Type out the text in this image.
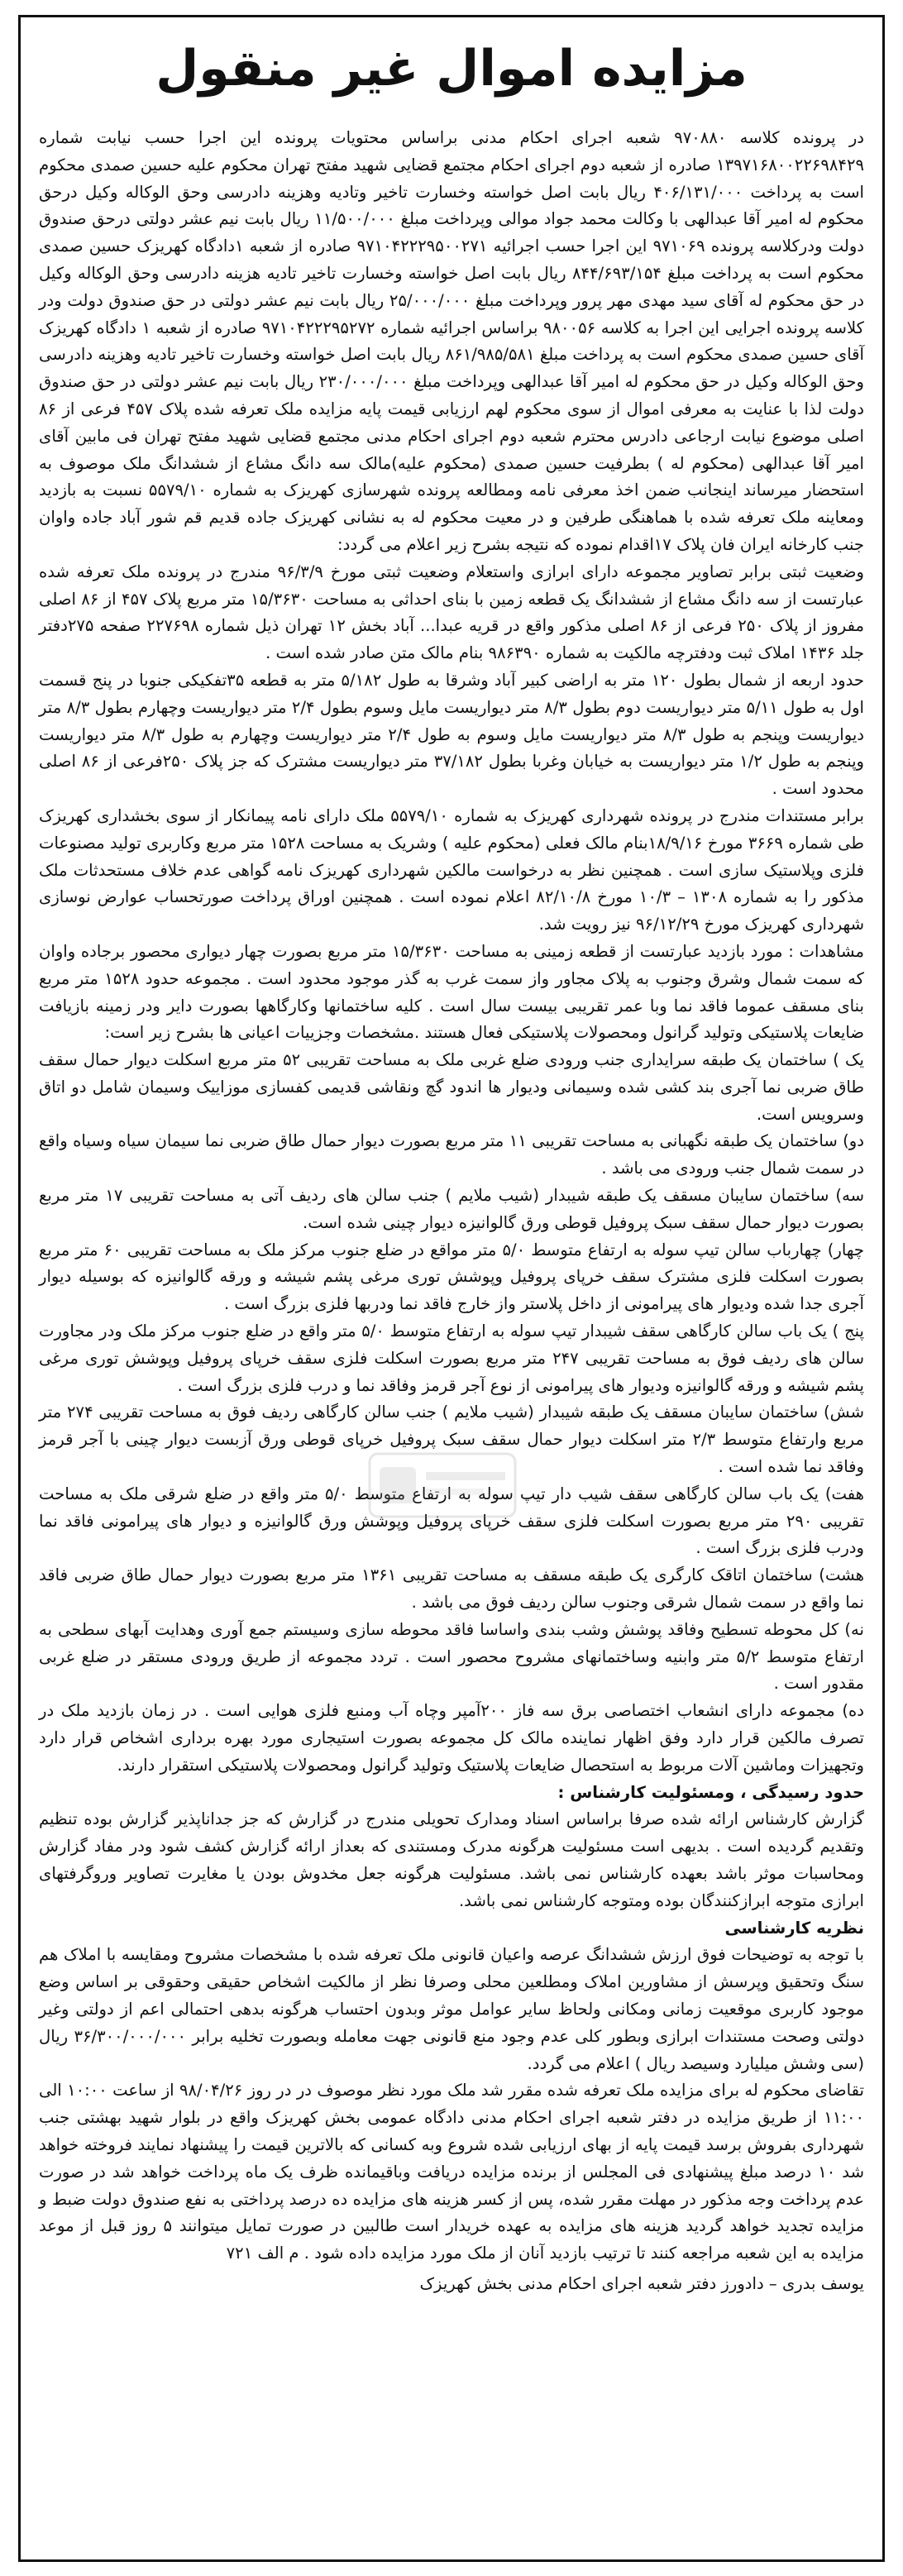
مزایده اموال غیر منقول

در پرونده کلاسه ۹۷۰۸۸۰ شعبه اجرای احکام مدنی براساس محتویات پرونده این اجرا حسب نیابت شماره ۱۳۹۷۱۶۸۰۰۲۲۶۹۸۴۲۹ صادره از شعبه دوم اجرای احکام مجتمع قضایی شهید مفتح تهران محکوم علیه حسین صمدی محکوم است به پرداخت ۴۰۶/۱۳۱/۰۰۰ ریال بابت اصل خواسته وخسارت تاخیر وتادیه وهزینه دادرسی وحق الوکاله وکیل درحق محکوم له امیر آقا عبدالهی با وکالت محمد جواد موالی وپرداخت مبلغ ۱۱/۵۰۰/۰۰۰ ریال بابت نیم عشر دولتی درحق صندوق دولت ودرکلاسه پرونده ۹۷۱۰۶۹ این اجرا حسب اجرائیه ۹۷۱۰۴۲۲۲۹۵۰۰۲۷۱ صادره از شعبه ۱دادگاه کهریزک حسین صمدی محکوم است به پرداخت مبلغ ۸۴۴/۶۹۳/۱۵۴ ریال بابت اصل خواسته وخسارت تاخیر تادیه هزینه دادرسی وحق الوکاله وکیل در حق محکوم له آقای سید مهدی مهر پرور وپرداخت مبلغ ۲۵/۰۰۰/۰۰۰ ریال بابت نیم عشر دولتی در حق صندوق دولت ودر کلاسه پرونده اجرایی این اجرا به کلاسه ۹۸۰۰۵۶ براساس اجرائیه شماره ۹۷۱۰۴۲۲۲۹۵۲۷۲ صادره از شعبه ۱ دادگاه کهریزک آقای حسین صمدی محکوم است به پرداخت مبلغ ۸۶۱/۹۸۵/۵۸۱ ریال بابت اصل خواسته وخسارت تاخیر تادیه وهزینه دادرسی وحق الوکاله وکیل در حق محکوم له امیر آقا عبدالهی وپرداخت مبلغ ۲۳۰/۰۰۰/۰۰۰ ریال بابت نیم عشر دولتی در حق صندوق دولت لذا با عنایت به معرفی اموال از سوی محکوم لهم ارزیابی قیمت پایه مزایده ملک تعرفه شده پلاک ۴۵۷ فرعی از ۸۶ اصلی موضوع نیابت ارجاعی دادرس محترم شعبه دوم اجرای احکام مدنی مجتمع قضایی شهید مفتح تهران فی مابین آقای امیر آقا عبدالهی (محکوم له ) بطرفیت حسین صمدی (محکوم علیه)مالک سه دانگ مشاع از ششدانگ ملک موصوف به استحضار میرساند اینجانب ضمن اخذ معرفی نامه ومطالعه پرونده شهرسازی کهریزک به شماره ۵۵۷۹/۱۰ نسبت به بازدید ومعاینه ملک تعرفه شده با هماهنگی طرفین و در معیت محکوم له به نشانی کهریزک جاده قدیم قم شور آباد جاده واوان جنب کارخانه ایران فان پلاک ۱۷اقدام نموده که نتیجه بشرح زیر اعلام می گردد:

وضعیت ثبتی برابر تصاویر مجموعه دارای ابرازی واستعلام وضعیت ثبتی مورخ ۹۶/۳/۹ مندرج در پرونده ملک تعرفه شده عبارتست از سه دانگ مشاع از ششدانگ یک قطعه زمین با بنای احداثی به مساحت ۱۵/۳۶۳۰ متر مربع پلاک ۴۵۷ از ۸۶ اصلی مفروز از پلاک ۲۵۰ فرعی از ۸۶ اصلی مذکور واقع در قریه عبدا... آباد بخش ۱۲ تهران ذیل شماره ۲۲۷۶۹۸ صفحه ۲۷۵دفتر جلد ۱۴۳۶ املاک ثبت ودفترچه مالکیت به شماره ۹۸۶۳۹۰ بنام مالک متن صادر شده است .

حدود اربعه از شمال بطول ۱۲۰ متر به اراضی کبیر آباد وشرقا به طول ۵/۱۸۲ متر به قطعه ۳۵تفکیکی جنوبا در پنج قسمت اول به طول ۵/۱۱ متر دیواریست دوم بطول ۸/۳ متر دیواریست مایل وسوم بطول ۲/۴ متر دیواریست وچهارم بطول ۸/۳ متر دیواریست وپنجم به طول ۸/۳ متر دیواریست مایل وسوم به طول ۲/۴ متر دیواریست وچهارم به طول ۸/۳ متر دیواریست وپنجم به طول ۱/۲ متر دیواریست به خیابان وغربا بطول ۳۷/۱۸۲ متر دیواریست مشترک که جز پلاک ۲۵۰فرعی از ۸۶ اصلی محدود است .

برابر مستندات مندرج در پرونده شهرداری کهریزک به شماره ۵۵۷۹/۱۰ ملک دارای نامه پیمانکار از سوی بخشداری کهریزک طی شماره ۳۶۶۹ مورخ ۱۸/۹/۱۶بنام مالک فعلی (محکوم علیه ) وشریک به مساحت ۱۵۲۸ متر مربع وکاربری تولید مصنوعات فلزی وپلاستیک سازی است . همچنین نظر به درخواست مالکین شهرداری کهریزک نامه گواهی عدم خلاف مستحدثات ملک مذکور را به شماره ۱۳۰۸ – ۱۰/۳ مورخ ۸۲/۱۰/۸ اعلام نموده است . همچنین اوراق پرداخت صورتحساب عوارض نوسازی شهرداری کهریزک مورخ ۹۶/۱۲/۲۹ نیز رویت شد.

مشاهدات : مورد بازدید عبارتست از قطعه زمینی به مساحت ۱۵/۳۶۳۰ متر مربع بصورت چهار دیواری محصور برجاده واوان که سمت شمال وشرق وجنوب به پلاک مجاور واز سمت غرب به گذر موجود محدود است . مجموعه حدود ۱۵۲۸ متر مربع بنای مسقف عموما فاقد نما وبا عمر تقریبی بیست سال است . کلیه ساختمانها وکارگاهها بصورت دایر ودر زمینه بازیافت ضایعات پلاستیکی وتولید گرانول ومحصولات پلاستیکی فعال هستند .مشخصات وجزییات اعیانی ها بشرح زیر است:

یک ) ساختمان یک طبقه سرایداری جنب ورودی ضلع غربی ملک به مساحت تقریبی ۵۲ متر مربع اسکلت دیوار حمال سقف طاق ضربی نما آجری بند کشی شده وسیمانی ودیوار ها اندود گچ ونقاشی قدیمی کفسازی موزاییک وسیمان شامل دو اتاق وسرویس است.

دو) ساختمان یک طبقه نگهبانی به مساحت تقریبی ۱۱ متر مربع بصورت دیوار حمال طاق ضربی نما سیمان سیاه وسیاه واقع در سمت شمال جنب ورودی می باشد .

سه) ساختمان سایبان مسقف یک طبقه شیبدار (شیب ملایم ) جنب سالن های ردیف آتی به مساحت تقریبی ۱۷ متر مربع بصورت دیوار حمال سقف سبک پروفیل قوطی ورق گالوانیزه دیوار چینی شده است.

چهار) چهارباب سالن تیپ سوله به ارتفاع متوسط ۵/۰ متر مواقع در ضلع جنوب مرکز ملک به مساحت تقریبی ۶۰ متر مربع بصورت اسکلت فلزی مشترک سقف خرپای پروفیل وپوشش توری مرغی پشم شیشه و ورقه گالوانیزه که بوسیله دیوار آجری جدا شده ودیوار های پیرامونی از داخل پلاستر واز خارج فاقد نما ودربها فلزی بزرگ است .

پنج ) یک باب سالن کارگاهی سقف شیبدار تیپ سوله به ارتفاع متوسط ۵/۰ متر واقع در ضلع جنوب مرکز ملک ودر مجاورت سالن های ردیف فوق به مساحت تقریبی ۲۴۷ متر مربع بصورت اسکلت فلزی سقف خرپای پروفیل وپوشش توری مرغی پشم شیشه و ورقه گالوانیزه ودیوار های پیرامونی از نوع آجر قرمز وفاقد نما و درب فلزی بزرگ است .

شش) ساختمان سایبان مسقف یک طبقه شیبدار (شیب ملایم ) جنب سالن کارگاهی ردیف فوق به مساحت تقریبی ۲۷۴ متر مربع وارتفاع متوسط ۲/۳ متر اسکلت دیوار حمال سقف سبک پروفیل خرپای قوطی ورق آزبست دیوار چینی با آجر قرمز وفاقد نما شده است .

هفت) یک باب سالن کارگاهی سقف شیب دار تیپ سوله به ارتفاع متوسط ۵/۰ متر واقع در ضلع شرقی ملک به مساحت تقریبی ۲۹۰ متر مربع بصورت اسکلت فلزی سقف خرپای پروفیل وپوشش ورق گالوانیزه و دیوار های پیرامونی فاقد نما ودرب فلزی بزرگ است .

هشت) ساختمان اتاقک کارگری یک طبقه مسقف به مساحت تقریبی ۱۳۶۱ متر مربع بصورت دیوار حمال طاق ضربی فاقد نما واقع در سمت شمال شرقی وجنوب سالن ردیف فوق می باشد .

نه) کل محوطه تسطیح وفاقد پوشش وشب بندی واساسا فاقد محوطه سازی وسیستم جمع آوری وهدایت آبهای سطحی به ارتفاع متوسط ۵/۲ متر وابنیه وساختمانهای مشروح محصور است . تردد مجموعه از طریق ورودی مستقر در ضلع غربی مقدور است .

ده) مجموعه دارای انشعاب اختصاصی برق سه فاز ۲۰۰آمپر وچاه آب ومنبع فلزی هوایی است . در زمان بازدید ملک در تصرف مالکین قرار دارد وفق اظهار نماینده مالک کل مجموعه بصورت استیجاری مورد بهره برداری اشخاص قرار دارد وتجهیزات وماشین آلات مربوط به استحصال ضایعات پلاستیک وتولید گرانول ومحصولات پلاستیکی استقرار دارند.

حدود رسیدگی ، ومسئولیت کارشناس :

گزارش کارشناس ارائه شده صرفا براساس اسناد ومدارک تحویلی مندرج در گزارش که جز جداناپذیر گزارش بوده تنظیم وتقدیم گردیده است . بدیهی است مسئولیت هرگونه مدرک ومستندی که بعداز ارائه گزارش کشف شود ودر مفاد گزارش ومحاسبات موثر باشد بعهده کارشناس نمی باشد. مسئولیت هرگونه جعل مخدوش بودن یا مغایرت تصاویر وروگرفتهای ابرازی متوجه ابرازکنندگان بوده ومتوجه کارشناس نمی باشد.

نظریه کارشناسی

با توجه به توضیحات فوق ارزش ششدانگ عرصه واعیان قانونی ملک تعرفه شده با مشخصات مشروح ومقایسه با املاک هم سنگ وتحقیق وپرسش از مشاورین املاک ومطلعین محلی وصرفا نظر از مالکیت اشخاص حقیقی وحقوقی بر اساس وضع موجود کاربری موقعیت زمانی ومکانی ولحاظ سایر عوامل موثر وبدون احتساب هرگونه بدهی احتمالی اعم از دولتی وغیر دولتی وصحت مستندات ابرازی وبطور کلی عدم وجود منع قانونی جهت معامله وبصورت تخلیه برابر ۳۶/۳۰۰/۰۰۰/۰۰۰ ریال (سی وشش میلیارد وسیصد ریال ) اعلام می گردد.

تقاضای محکوم له برای مزایده ملک تعرفه شده مقرر شد ملک مورد نظر موصوف در در روز ۹۸/۰۴/۲۶ از ساعت ۱۰:۰۰ الی ۱۱:۰۰ از طریق مزایده در دفتر شعبه اجرای احکام مدنی دادگاه عمومی بخش کهریزک واقع در بلوار شهید بهشتی جنب شهرداری بفروش برسد قیمت پایه از بهای ارزیابی شده شروع وبه کسانی که بالاترین قیمت را پیشنهاد نمایند فروخته خواهد شد ۱۰ درصد مبلغ پیشنهادی فی المجلس از برنده مزایده دریافت وباقیمانده ظرف یک ماه پرداخت خواهد شد در صورت عدم پرداخت وجه مذکور در مهلت مقرر شده، پس از کسر هزینه های مزایده ده درصد پرداختی به نفع صندوق دولت ضبط و مزایده تجدید خواهد گردید هزینه های مزایده به عهده خریدار است طالبین در صورت تمایل میتوانند ۵ روز قبل از موعد مزایده به این شعبه مراجعه کنند تا ترتیب بازدید آنان از ملک مورد مزایده داده شود . م الف ۷۲۱

یوسف بدری – دادورز دفتر شعبه اجرای احکام مدنی بخش کهریزک
